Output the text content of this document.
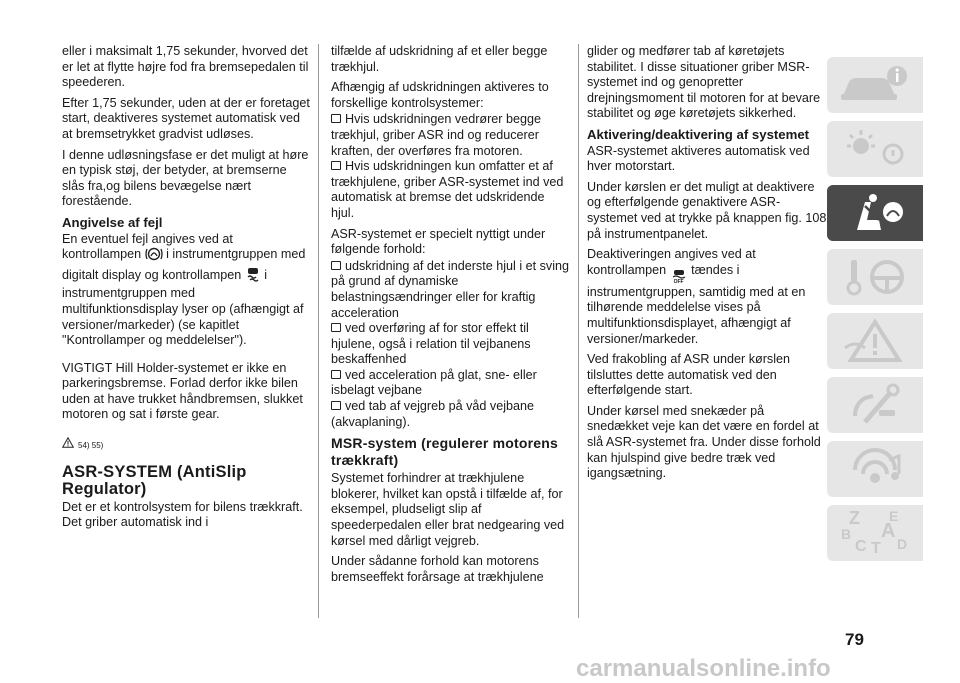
eller i maksimalt 1,75 sekunder, hvorved det er let at flytte højre fod fra bremsepedalen til speederen.

Efter 1,75 sekunder, uden at der er foretaget start, deaktiveres systemet automatisk ved at bremsetrykket gradvist udløses.

I denne udløsningsfase er det muligt at høre en typisk støj, der betyder, at bremserne slås fra,og bilens bevægelse nært forestående.

Angivelse af fejl

En eventuel fejl angives ved at kontrollampen i instrumentgruppen med digitalt display og kontrollampen i instrumentgruppen med multifunktionsdisplay lyser op (afhængigt af versioner/markeder) (se kapitlet "Kontrollamper og meddelelser").

VIGTIGT Hill Holder-systemet er ikke en parkeringsbremse. Forlad derfor ikke bilen uden at have trukket håndbremsen, slukket motoren og sat i første gear.

54) 55)
ASR-SYSTEM (AntiSlip Regulator)

Det er et kontrolsystem for bilens trækkraft. Det griber automatisk ind i

tilfælde af udskridning af et eller begge trækhjul.

Afhængig af udskridningen aktiveres to forskellige kontrolsystemer:

Hvis udskridningen vedrører begge trækhjul, griber ASR ind og reducerer kraften, der overføres fra motoren.
Hvis udskridningen kun omfatter et af trækhjulene, griber ASR-systemet ind ved automatisk at bremse det udskridende hjul.

ASR-systemet er specielt nyttigt under følgende forhold:

udskridning af det inderste hjul i et sving på grund af dynamiske belastningsændringer eller for kraftig acceleration
ved overføring af for stor effekt til hjulene, også i relation til vejbanens beskaffenhed
ved acceleration på glat, sne- eller isbelagt vejbane
ved tab af vejgreb på våd vejbane (akvaplaning).
MSR-system (regulerer motorens trækkraft)

Systemet forhindrer at trækhjulene blokerer, hvilket kan opstå i tilfælde af, for eksempel, pludseligt slip af speederpedalen eller brat nedgearing ved kørsel med dårligt vejgreb.

Under sådanne forhold kan motorens bremseeffekt forårsage at trækhjulene

glider og medfører tab af køretøjets stabilitet. I disse situationer griber MSR-systemet ind og genopretter drejningsmoment til motoren for at bevare stabilitet og øge køretøjets sikkerhed.

Aktivering/deaktivering af systemet

ASR-systemet aktiveres automatisk ved hver motorstart.

Under kørslen er det muligt at deaktivere og efterfølgende genaktivere ASR-systemet ved at trykke på knappen fig. 108 på instrumentpanelet.

Deaktiveringen angives ved at kontrollampen
OFF
tændes i instrumentgruppen, samtidig med at en tilhørende meddelelse vises på multifunktionsdisplayet, afhængigt af versioner/markeder.

Ved frakobling af ASR under kørslen tilsluttes dette automatisk ved den efterfølgende start.

Under kørsel med snekæder på snedækket veje kan det være en fordel at slå ASR-systemet fra. Under disse forhold kan hjulspind give bedre træk ved igangsætning.

Z E
B A
C T D
79
carmanualsonline.info
